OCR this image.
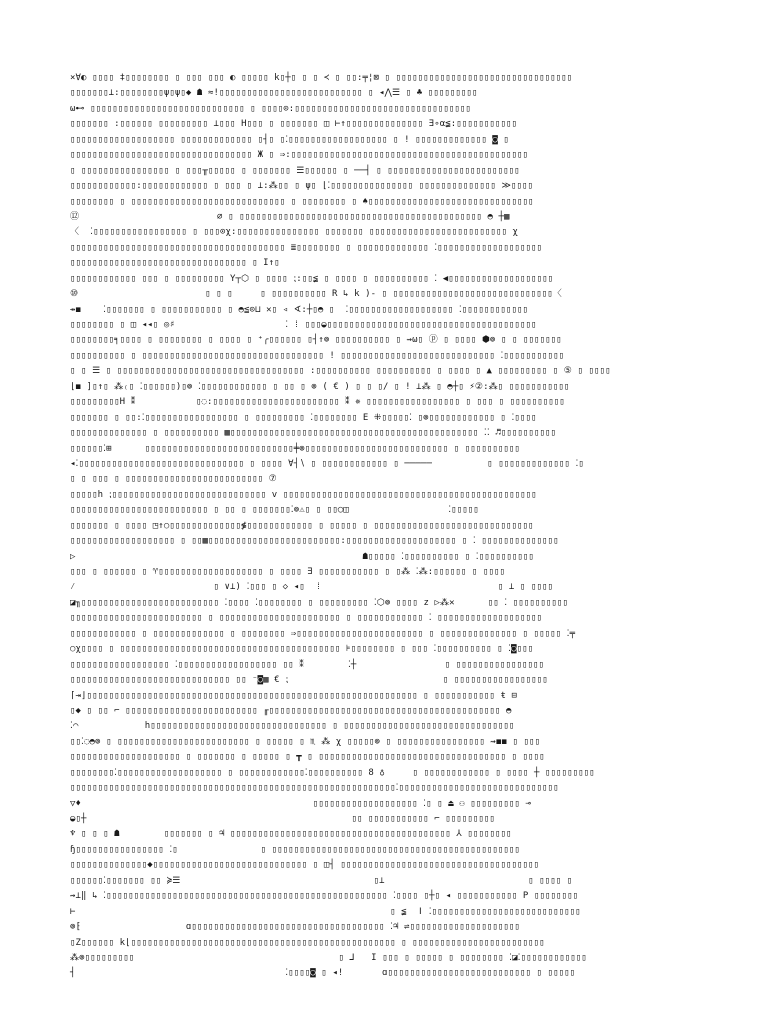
×∀◐ ▯▯▯▯ ‡▯▯▯▯▯▯▯▯ ▯ ▯▯▯ ▯▯▯ ◐ ▯▯▯▯▯ k▯┼▯ ▯ ▯ ≺ ▯ ▯▯:╤¦⊠ ▯ ▯▯▯▯▯▯▯▯▯▯▯▯▯▯▯▯▯▯▯▯▯▯▯▯▯▯▯▯▯▯▯▯
▯▯▯▯▯▯▯⊥:▯▯▯▯▯▯▯▯ψ▯ψ▯◆ ☗ ≈!▯▯▯▯▯▯▯▯▯▯▯▯▯▯▯▯▯▯▯▯▯▯▯▯▯▯ ▯ ◂⋀☰ ▯ ♣ ▯▯▯▯▯▯▯▯▯
ω⊷ ▯▯▯▯▯▯▯▯▯▯▯▯▯▯▯▯▯▯▯▯▯▯▯▯▯▯▯▯ ▯ ▯▯▯▯⊙:▯▯▯▯▯▯▯▯▯▯▯▯▯▯▯▯▯▯▯▯▯▯▯▯▯▯▯▯▯▯▯▯
▯▯▯▯▯▯▯ :▯▯▯▯▯▯ ▯▯▯▯▯▯▯▯▯ ⊥▯▯▯ H▯▯▯ ▯ ▯▯▯▯▯▯▯ ◫ ⊢↑▯▯▯▯▯▯▯▯▯▯▯▯▯▯ ∃∘α≨:▯▯▯▯▯▯▯▯▯▯▯
▯▯▯▯▯▯▯▯▯▯▯▯▯▯▯▯▯▯▯ ▯▯▯▯▯▯▯▯▯▯▯▯▯ ▯┤▯ ▯⁚▯▯▯▯▯▯▯▯▯▯▯▯▯▯▯▯▯▯ ▯ ! ▯▯▯▯▯▯▯▯▯▯▯▯▯ ◙ ▯
▯▯▯▯▯▯▯▯▯▯▯▯▯▯▯▯▯▯▯▯▯▯▯▯▯▯▯▯▯▯▯▯▯ Ж ▯ ⇒:▯▯▯▯▯▯▯▯▯▯▯▯▯▯▯▯▯▯▯▯▯▯▯▯▯▯▯▯▯▯▯▯▯▯▯▯▯▯▯▯▯▯▯
▯ ▯▯▯▯▯▯▯▯▯▯▯▯▯▯▯▯ ▯ ▯▯▯╥▯▯▯▯▯ ▯ ▯▯▯▯▯▯▯ ☰▯▯▯▯▯▯ ▯ ──┤ ▯ ▯▯▯▯▯▯▯▯▯▯▯▯▯▯▯▯▯▯▯▯▯▯▯▯
▯▯▯▯▯▯▯▯▯▯▯▯:▯▯▯▯▯▯▯▯▯▯▯▯ ▯ ▯▯▯ ▯ ⊥:⁂▯▯ ▯ ψ▯ ⌊⁚▯▯▯▯▯▯▯▯▯▯▯▯▯▯▯ ▯▯▯▯▯▯▯▯▯▯▯▯▯▯ ≫▯▯▯▯
▯▯▯▯▯▯▯▯ ▯ ▯▯▯▯▯▯▯▯▯▯▯▯▯▯▯▯▯▯▯▯▯▯▯▯▯▯▯▯ ▯ ▯▯▯▯▯▯▯▯ ▯ ♠▯▯▯▯▯▯▯▯▯▯▯▯▯▯▯▯▯▯▯▯▯▯▯▯▯▯▯▯▯▯
⑫                         ∅ ▯ ▯▯▯▯▯▯▯▯▯▯▯▯▯▯▯▯▯▯▯▯▯▯▯▯▯▯▯▯▯▯▯▯▯▯▯▯▯▯▯▯▯▯▯▯ ◓ ┼▦
〈  ⁚▯▯▯▯▯▯▯▯▯▯▯▯▯▯▯▯▯ ▯ ▯▯▯⊙χ:▯▯▯▯▯▯▯▯▯▯▯▯▯▯▯ ▯▯▯▯▯▯▯ ▯▯▯▯▯▯▯▯▯▯▯▯▯▯▯▯▯▯▯▯▯▯▯▯▯ χ
▯▯▯▯▯▯▯▯▯▯▯▯▯▯▯▯▯▯▯▯▯▯▯▯▯▯▯▯▯▯▯▯▯▯▯▯▯▯▯ ≣▯▯▯▯▯▯▯▯ ▯ ▯▯▯▯▯▯▯▯▯▯▯▯▯ ⁚▯▯▯▯▯▯▯▯▯▯▯▯▯▯▯▯▯▯▯
▯▯▯▯▯▯▯▯▯▯▯▯▯▯▯▯▯▯▯▯▯▯▯▯▯▯▯▯▯▯▯▯ ▯ I↑▯
▯▯▯▯▯▯▯▯▯▯▯▯ ▯▯▯ ▯ ▯▯▯▯▯▯▯▯▯ Y┬⬡ ▯ ▯▯▯▯ ⁏:▯▯≨ ▯ ▯▯▯▯ ▯ ▯▯▯▯▯▯▯▯▯▯ ⁚ ◀▯▯▯▯▯▯▯▯▯▯▯▯▯▯▯▯▯▯▯
⑩                       ▯ ▯ ▯     ▯ ▯▯▯▯▯▯▯▯▯▯ R ↳ k )- ▯ ▯▯▯▯▯▯▯▯▯▯▯▯▯▯▯▯▯▯▯▯▯▯▯▯▯▯▯▯▯〈
⇸◼    ⁚▯▯▯▯▯▯▯ ▯ ▯▯▯▯▯▯▯▯▯▯▯ ▯ ◓≦⊙⊔ ✕▯ ◃ ∢:┼▯◓ ▯  ⁚▯▯▯▯▯▯▯▯▯▯▯▯▯▯▯▯▯▯▯ ⁚▯▯▯▯▯▯▯▯▯▯▯▯
▯▯▯▯▯▯▯▯ ▯ ◫ ◂◂▯ ◎♯                    ⁚ ⁞ ▯▯▯◒▯▯▯▯▯▯▯▯▯▯▯▯▯▯▯▯▯▯▯▯▯▯▯▯▯▯▯▯▯▯▯▯▯▯▯▯▯▯
▯▯▯▯▯▯▯▯╕▯▯▯▯ ▯ ▯▯▯▯▯▯▯▯ ▯ ▯▯▯▯ ▯ ⁺╭▯▯▯▯▯▯ ▯┤↑⊚ ▯▯▯▯▯▯▯▯▯▯ ▯ ⇝ω▯ ⓟ ▯ ▯▯▯▯ ⬢⊚ ▯ ▯ ▯▯▯▯▯▯▯
▯▯▯▯▯▯▯▯▯▯ ▯ ▯▯▯▯▯▯▯▯▯▯▯▯▯▯▯▯▯▯▯▯▯▯▯▯▯▯▯▯▯▯▯▯▯ ! ▯▯▯▯▯▯▯▯▯▯▯▯▯▯▯▯▯▯▯▯▯▯▯▯▯▯▯▯ ⁚▯▯▯▯▯▯▯▯▯▯▯
▯ ▯ ☰ ▯ ▯▯▯▯▯▯▯▯▯▯▯▯▯▯▯▯▯▯▯▯▯▯▯▯▯▯▯▯▯▯▯▯▯▯ :▯▯▯▯▯▯▯▯▯▯ ▯▯▯▯▯▯▯▯▯▯ ▯ ▯▯▯▯ ▯ ▲ ▯▯▯▯▯▯▯▯▯ ▯ ⑤ ▯ ▯▯▯▯
⌊◼ ]▯↑▯ ⁂₍▯ ⁚▯▯▯▯▯▯)▯⊚ ⁚▯▯▯▯▯▯▯▯▯▯▯▯ ▯ ▯▯ ▯ ⊚ ( € ) ▯ ▯ ▯/ ▯ ! ⊥⁂ ▯ ◓┼▯ ⚡②:⁂▯ ▯▯▯▯▯▯▯▯▯▯▯
▯▯▯▯▯▯▯▯▯H ⁑           ▯◌:▯▯▯▯▯▯▯▯▯▯▯▯▯▯▯▯▯▯▯▯▯▯▯ ⁑ ✵ ▯▯▯▯▯▯▯▯▯▯▯▯▯▯▯▯▯ ▯ ▯▯▯ ▯ ▯▯▯▯▯▯▯▯▯▯
▯▯▯▯▯▯▯ ▯ ▯▯:⁚▯▯▯▯▯▯▯▯▯▯▯▯▯▯▯▯▯ ▯ ▯▯▯▯▯▯▯▯▯ ⁚▯▯▯▯▯▯▯▯ E ⁜▯▯▯▯▯⁚ ▯⊚▯▯▯▯▯▯▯▯▯▯▯▯ ▯ ⁚▯▯▯▯
▯▯▯▯▯▯▯▯▯▯▯▯▯▯ ▯ ▯▯▯▯▯▯▯▯▯▯ ▦▯▯▯▯▯▯▯▯▯▯▯▯▯▯▯▯▯▯▯▯▯▯▯▯▯▯▯▯▯▯▯▯▯▯▯▯▯▯▯▯▯▯▯▯▯ ⁚⁚ ♬▯▯▯▯▯▯▯▯▯▯
▯▯▯▯▯▯⁚⊞      ▯▯▯▯▯▯▯▯▯▯▯▯▯▯▯▯▯▯▯▯▯▯▯▯▯▯▯╪⊚▯▯▯▯▯▯▯▯▯▯▯▯▯▯▯▯▯▯▯▯▯▯▯▯▯▯ ▯ ▯▯▯▯▯▯▯▯▯▯
◂⁚▯▯▯▯▯▯▯▯▯▯▯▯▯▯▯▯▯▯▯▯▯▯▯▯▯▯▯▯▯▯ ▯ ▯▯▯▯ ∀┤∖ ▯ ▯▯▯▯▯▯▯▯▯▯▯▯ ▯ ─────          ▯ ▯▯▯▯▯▯▯▯▯▯▯▯▯ ⁚▯
▯ ▯ ▯▯▯ ▯ ▯▯▯▯▯▯▯▯▯▯▯▯▯▯▯▯▯▯▯▯▯▯▯▯▯ ⑦
▯▯▯▯▯h ⁏▯▯▯▯▯▯▯▯▯▯▯▯▯▯▯▯▯▯▯▯▯▯▯▯▯▯▯▯ v ▯▯▯▯▯▯▯▯▯▯▯▯▯▯▯▯▯▯▯▯▯▯▯▯▯▯▯▯▯▯▯▯▯▯▯▯▯▯▯▯▯▯▯▯▯▯
▯▯▯▯▯▯▯▯▯▯▯▯▯▯▯▯▯▯▯▯▯▯▯▯▯ ▯ ▯▯ ▯ ▯▯▯▯▯▯▯⁚⊚⚠▯ ▯ ▯▯◯◫                  ⁚▯▯▯▯▯
▯▯▯▯▯▯▯ ▯ ▯▯▯▯ ◳↑○▯▯▯▯▯▯▯▯▯▯▯▯▯≸▯▯▯▯▯▯▯▯▯▯▯▯ ▯ ▯▯▯▯▯ ▯ ▯▯▯▯▯▯▯▯▯▯▯▯▯▯▯▯▯▯▯▯▯▯▯▯▯▯▯▯▯
▯▯▯▯▯▯▯▯▯▯▯▯▯▯▯▯▯▯▯ ▯ ▯▯▦▯▯▯▯▯▯▯▯▯▯▯▯▯▯▯▯▯▯▯▯▯▯▯▯:▯▯▯▯▯▯▯▯▯▯▯▯▯▯▯▯▯▯▯▯ ▯ ⁚ ▯▯▯▯▯▯▯▯▯▯▯▯▯▯
▷                                                    ☗▯▯▯▯▯ ⁚▯▯▯▯▯▯▯▯▯▯ ▯ ⁚▯▯▯▯▯▯▯▯▯▯
▯▯▯ ▯ ▯▯▯▯▯▯ ▯ ♈▯▯▯▯▯▯▯▯▯▯▯▯▯▯▯▯▯▯▯ ▯ ▯▯▯▯ ∃ ▯▯▯▯▯▯▯▯▯▯▯ ▯ ▯⁂ ⁚⁂:▯▯▯▯▯▯ ▯ ▯▯▯▯
⁄                         ▯ ∨⊥) ⁚▯▯▯ ▯ ◇ ◂▯  ⁞                                ▯ ⊥ ▯ ▯▯▯▯
◪╖▯▯▯▯▯▯▯▯▯▯▯▯▯▯▯▯▯▯▯▯▯▯▯▯▯ ⁚▯▯▯▯ ⁚▯▯▯▯▯▯▯▯ ▯ ▯▯▯▯▯▯▯▯▯ ⁚⬡⊚ ▯▯▯▯ z ▷⁂✕      ▯▯ ⁚ ▯▯▯▯▯▯▯▯▯▯
▯▯▯▯▯▯▯▯▯▯▯▯▯▯▯▯▯▯▯▯▯▯▯▯ ▯ ▯▯▯▯▯▯▯▯▯▯▯▯▯▯▯▯▯▯▯▯▯▯ ▯ ▯▯▯▯▯▯▯▯▯▯▯▯ ⁚ ▯▯▯▯▯▯▯▯▯▯▯▯▯▯▯▯▯▯▯
▯▯▯▯▯▯▯▯▯▯▯▯ ▯ ▯▯▯▯▯▯▯▯▯▯▯▯▯ ▯ ▯▯▯▯▯▯▯▯ ⇒▯▯▯▯▯▯▯▯▯▯▯▯▯▯▯▯▯▯▯▯▯▯▯ ▯ ▯▯▯▯▯▯▯▯▯▯▯▯▯▯ ▯ ▯▯▯▯▯ ⁚╤
○χ▯▯▯▯ ▯ ▯▯▯▯▯▯▯▯▯▯▯▯▯▯▯▯▯▯▯▯▯▯▯▯▯▯▯▯▯▯▯▯▯▯▯▯▯▯▯▯ ⊧▯▯▯▯▯▯▯▯ ▯ ▯▯▯ ⁚▯▯▯▯▯▯▯▯▯▯ ▯ ⁚◙▯▯▯
▯▯▯▯▯▯▯▯▯▯▯▯▯▯▯▯▯▯ ⁚▯▯▯▯▯▯▯▯▯▯▯▯▯▯▯▯▯▯ ▯▯ ⁑        ⁚┼                ▯ ▯▯▯▯▯▯▯▯▯▯▯▯▯▯▯▯
▯▯▯▯▯▯▯▯▯▯▯▯▯▯▯▯▯▯▯▯▯▯▯▯▯▯▯▯▯ ▯▯ ⁻◙▦ € ⁏                            ▯ ▯▯▯▯▯▯▯▯▯▯▯▯▯▯▯▯▯
⌈⇥⌋▯▯▯▯▯▯▯▯▯▯▯▯▯▯▯▯▯▯▯▯▯▯▯▯▯▯▯▯▯▯▯▯▯▯▯▯▯▯▯▯▯▯▯▯▯▯▯▯▯▯▯▯▯▯▯▯▯▯▯▯ ▯ ▯▯▯▯▯▯▯▯▯▯▯ ŧ ⊟
▯◆ ▯ ▯▯ ⌐ ▯▯▯▯▯▯▯▯▯▯▯▯▯▯▯▯▯▯▯▯▯▯▯▯ ╓▯▯▯▯▯▯▯▯▯▯▯▯▯▯▯▯▯▯▯▯▯▯▯▯▯▯▯▯▯▯▯▯▯▯▯▯▯▯▯▯▯▯ ◓
⁚⌒            h▯▯▯▯▯▯▯▯▯▯▯▯▯▯▯▯▯▯▯▯▯▯▯▯▯▯▯▯▯▯▯▯ ▯ ▯▯▯▯▯▯▯▯▯▯▯▯▯▯▯▯▯▯▯▯▯▯▯▯▯▯▯▯▯▯▯
▯▯⁚◌◓⊚ ▯ ▯▯▯▯▯▯▯▯▯▯▯▯▯▯▯▯▯▯▯▯▯▯▯▯ ▯ ▯▯▯▯▯ ▯ ♏ ⁂ χ ▯▯▯▯▯⊚ ▯ ▯▯▯▯▯▯▯▯▯▯▯▯▯▯▯▯ ⇝◼◼ ▯ ▯▯▯
▯▯▯▯▯▯▯▯▯▯▯▯▯▯▯▯▯▯▯▯ ▯ ▯▯▯▯▯▯▯ ▯ ▯▯▯▯▯ ▯ ┳ ▯ ▯▯▯▯▯▯▯▯▯▯▯▯▯▯▯▯▯▯▯▯▯▯▯▯▯▯▯▯▯▯▯▯▯▯ ▯ ▯▯▯▯
▯▯▯▯▯▯▯▯⁚▯▯▯▯▯▯▯▯▯▯▯▯▯▯▯▯▯▯▯ ▯ ▯▯▯▯▯▯▯▯▯▯▯▯⁚▯▯▯▯▯▯▯▯▯▯ 8 ♁     ▯ ▯▯▯▯▯▯▯▯▯▯▯▯ ▯ ▯▯▯▯ ┼ ▯▯▯▯▯▯▯▯▯
▯▯▯▯▯▯▯▯▯▯▯▯▯▯▯▯▯▯▯▯▯▯▯▯▯▯▯▯▯▯▯▯▯▯▯▯▯▯▯▯▯▯▯▯▯▯▯▯▯▯▯▯▯▯▯▯▯▯▯⁚▯▯▯▯▯▯▯▯▯▯▯▯▯▯▯▯▯▯▯▯▯▯▯▯▯▯▯▯▯
▽♦                                          ▯▯▯▯▯▯▯▯▯▯▯▯▯▯▯▯▯▯▯ ⁚▯ ▯ ⏏ ⚇ ▯▯▯▯▯▯▯▯▯ ⊸
◒▯┼                                                ▯▯ ▯▯▯▯▯▯▯▯▯▯▯ ⌐ ▯▯▯▯▯▯▯▯▯
♆ ▯ ▯ ▯ ☗        ▯▯▯▯▯▯▯ ▯ ♃ ▯▯▯▯▯▯▯▯▯▯▯▯▯▯▯▯▯▯▯▯▯▯▯▯▯▯▯▯▯▯▯▯▯▯▯▯▯▯▯▯ ⅄ ▯▯▯▯▯▯▯▯
ɧ▯▯▯▯▯▯▯▯▯▯▯▯▯▯▯▯ ⁚▯               ▯ ▯▯▯▯▯▯▯▯▯▯▯▯▯▯▯▯▯▯▯▯▯▯▯▯▯▯▯▯▯▯▯▯▯▯▯▯▯▯▯▯▯▯▯▯▯
▯▯▯▯▯▯▯▯▯▯▯▯▯▯◆▯▯▯▯▯▯▯▯▯▯▯▯▯▯▯▯▯▯▯▯▯▯▯▯▯▯▯▯ ▯ ◫┤ ▯▯▯▯▯▯▯▯▯▯▯▯▯▯▯▯▯▯▯▯▯▯▯▯▯▯▯▯▯▯▯▯▯▯▯▯
▯▯▯▯▯▯⁚▯▯▯▯▯▯▯ ▯▯ ≽☰                                   ▯⊥                          ▯ ▯▯▯▯ ▯
⇝⊥‖ ↳ ⁚▯▯▯▯▯▯▯▯▯▯▯▯▯▯▯▯▯▯▯▯▯▯▯▯▯▯▯▯▯▯▯▯▯▯▯▯▯▯▯▯▯▯▯▯▯▯▯▯▯▯▯ ⁚▯▯▯▯ ▯┼▯ ◂ ▯▯▯▯▯▯▯▯▯▯▯ P ▯▯▯▯▯▯▯▯
⊢                                                         ▯ ≨  ǀ ⁚▯▯▯▯▯▯▯▯▯▯▯▯▯▯▯▯▯▯▯▯▯▯▯▯▯▯▯
⊚⁅                   ɑ▯▯▯▯▯▯▯▯▯▯▯▯▯▯▯▯▯▯▯▯▯▯▯▯▯▯▯▯▯▯▯▯▯▯▯ ⁚♃ ⇌▯▯▯▯▯▯▯▯▯▯▯▯▯▯▯▯▯▯▯▯
▯Z▯▯▯▯▯▯ k⌊▯▯▯▯▯▯▯▯▯▯▯▯▯▯▯▯▯▯▯▯▯▯▯▯▯▯▯▯▯▯▯▯▯▯▯▯▯▯▯▯▯▯▯▯▯▯▯▯ ▯ ▯▯▯▯▯▯▯▯▯▯▯▯▯▯▯▯▯▯▯▯▯▯▯▯
⁂⊚▯▯▯▯▯▯▯▯▯                                     ▯ ⅃   I ▯▯▯ ▯ ▯▯▯▯▯ ▯ ▯▯▯▯▯▯▯▯ ⁚◪⁚▯▯▯▯▯▯▯▯▯▯▯▯
┤                                      ⁚▯▯▯▯◙ ▯ ◂!       ɑ▯▯▯▯▯▯▯▯▯▯▯▯▯▯▯▯▯▯▯▯▯▯▯▯▯▯ ▯ ▯▯▯▯▯
